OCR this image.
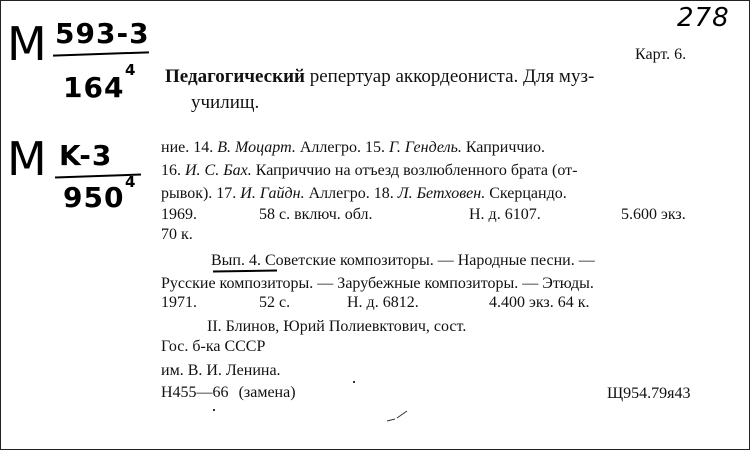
278
M 593-3
164
4
M K-3
950 4
Карт. 6.
Педагогический репертуар аккордеониста. Для муз-
училищ.
ние. 14. В. Моцарт. Аллегро. 15. Г. Гендель. Каприччио.
16. И. С. Бах. Каприччио на отъезд возлюбленного брата (от-
рывок). 17. И. Гайдн. Аллегро. 18. Л. Бетховен. Скерцандо.
1969.	58 с. включ. обл.	Н. д. 6107.	5.600 экз.
70 к.
Вып. 4. Советские композиторы. — Народные песни. —
Русские композиторы. — Зарубежные композиторы. — Этюды.
1971.	52 с.	Н. д. 6812.	4.400 экз. 64 к.
II. Блинов, Юрий Полиевктович, сост.
Гос. б-ка СССР
им. В. И. Ленина.
Н455—66 (замена)	Щ954.79я43
